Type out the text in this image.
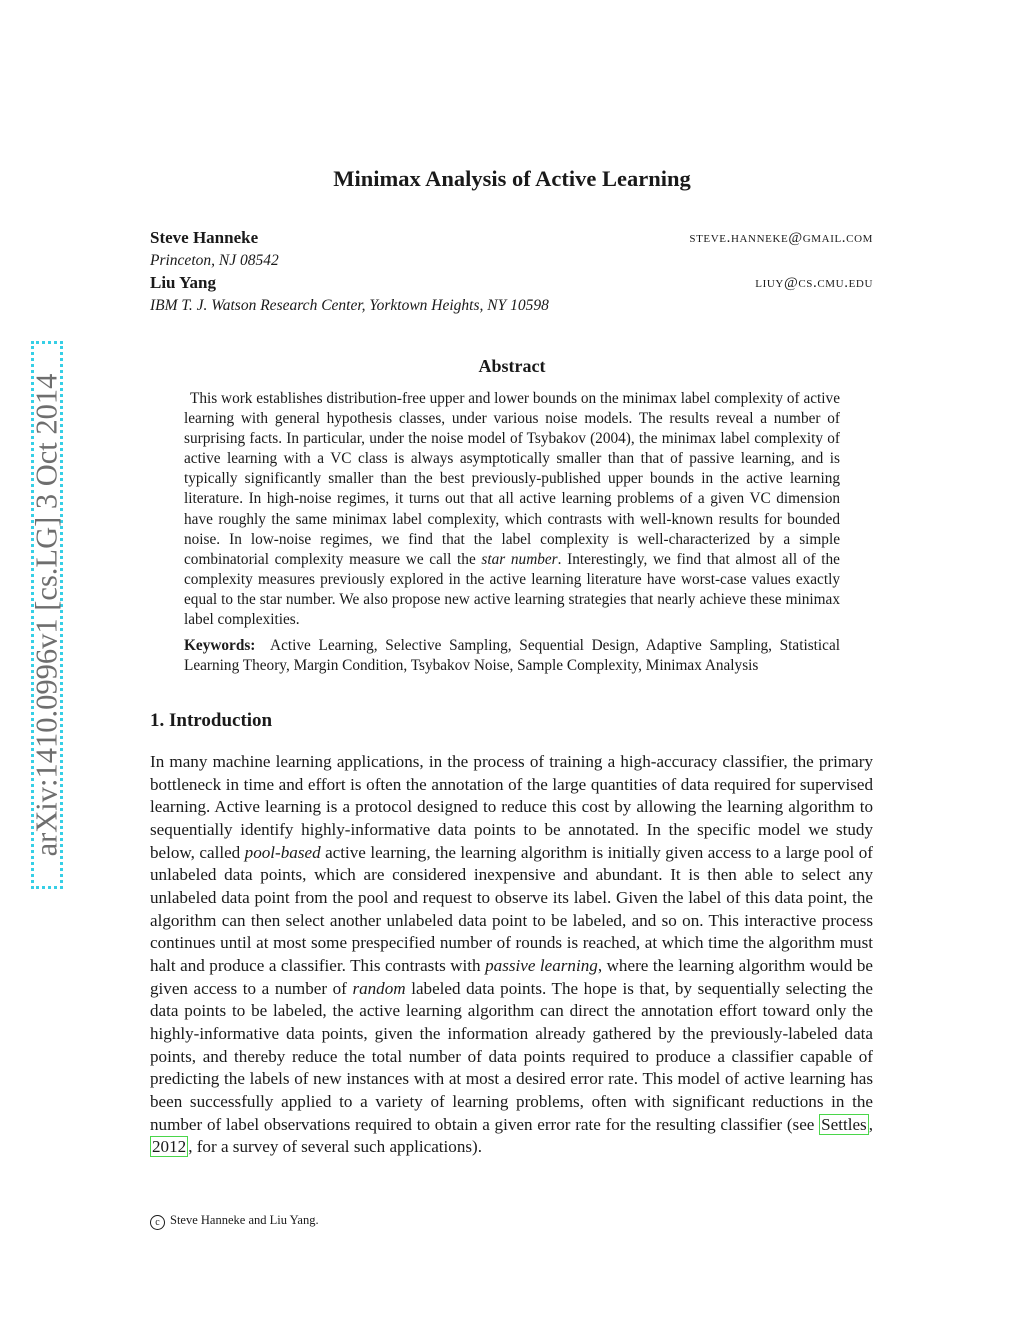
Minimax Analysis of Active Learning
Steve Hanneke	steve.hanneke@gmail.com
Princeton, NJ 08542
Liu Yang	liuy@cs.cmu.edu
IBM T. J. Watson Research Center, Yorktown Heights, NY 10598
arXiv:1410.0996v1 [cs.LG] 3 Oct 2014
Abstract
This work establishes distribution-free upper and lower bounds on the minimax label complexity of active learning with general hypothesis classes, under various noise models. The results reveal a number of surprising facts. In particular, under the noise model of Tsybakov (2004), the minimax label complexity of active learning with a VC class is always asymptotically smaller than that of passive learning, and is typically significantly smaller than the best previously-published upper bounds in the active learning literature. In high-noise regimes, it turns out that all active learning problems of a given VC dimension have roughly the same minimax label complexity, which contrasts with well-known results for bounded noise. In low-noise regimes, we find that the label complexity is well-characterized by a simple combinatorial complexity measure we call the star number. Interestingly, we find that almost all of the complexity measures previously explored in the active learning literature have worst-case values exactly equal to the star number. We also propose new active learning strategies that nearly achieve these minimax label complexities.
Keywords: Active Learning, Selective Sampling, Sequential Design, Adaptive Sampling, Statistical Learning Theory, Margin Condition, Tsybakov Noise, Sample Complexity, Minimax Analysis
1. Introduction
In many machine learning applications, in the process of training a high-accuracy classifier, the primary bottleneck in time and effort is often the annotation of the large quantities of data required for supervised learning. Active learning is a protocol designed to reduce this cost by allowing the learning algorithm to sequentially identify highly-informative data points to be annotated. In the specific model we study below, called pool-based active learning, the learning algorithm is initially given access to a large pool of unlabeled data points, which are considered inexpensive and abundant. It is then able to select any unlabeled data point from the pool and request to observe its label. Given the label of this data point, the algorithm can then select another unlabeled data point to be labeled, and so on. This interactive process continues until at most some prespecified number of rounds is reached, at which time the algorithm must halt and produce a classifier. This contrasts with passive learning, where the learning algorithm would be given access to a number of random labeled data points. The hope is that, by sequentially selecting the data points to be labeled, the active learning algorithm can direct the annotation effort toward only the highly-informative data points, given the information already gathered by the previously-labeled data points, and thereby reduce the total number of data points required to produce a classifier capable of predicting the labels of new instances with at most a desired error rate. This model of active learning has been successfully applied to a variety of learning problems, often with significant reductions in the number of label observations required to obtain a given error rate for the resulting classifier (see Settles , 2012 , for a survey of several such applications).
c Steve Hanneke and Liu Yang.
